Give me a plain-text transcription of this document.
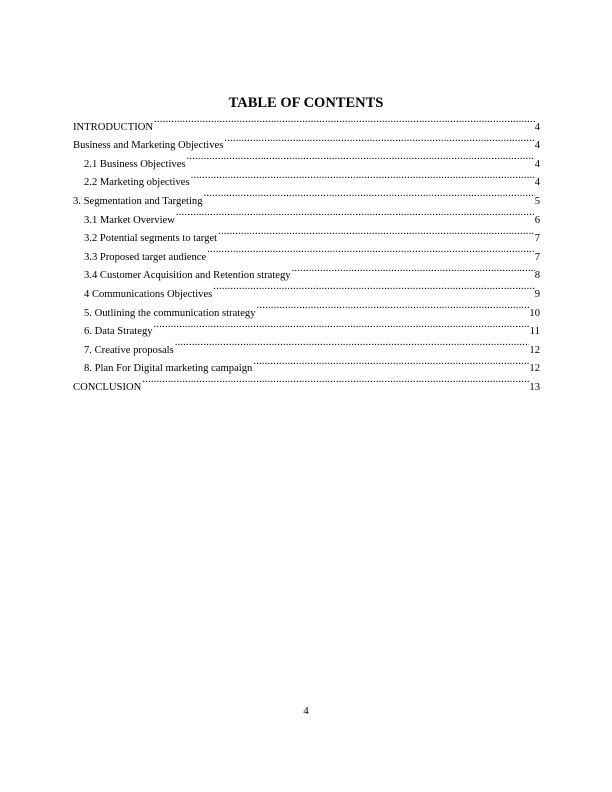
TABLE OF CONTENTS
INTRODUCTION .....	4
Business and Marketing Objectives .....	4
2.1 Business Objectives .....	4
2.2 Marketing objectives .....	4
3. Segmentation and Targeting .....	5
3.1 Market Overview .....	6
3.2 Potential segments to target .....	7
3.3 Proposed target audience .....	7
3.4 Customer Acquisition and Retention strategy .....	8
4 Communications Objectives .....	9
5. Outlining the communication strategy .....	10
6. Data Strategy .....	11
7. Creative proposals .....	12
8. Plan For Digital marketing campaign .....	12
CONCLUSION .....	13
4
